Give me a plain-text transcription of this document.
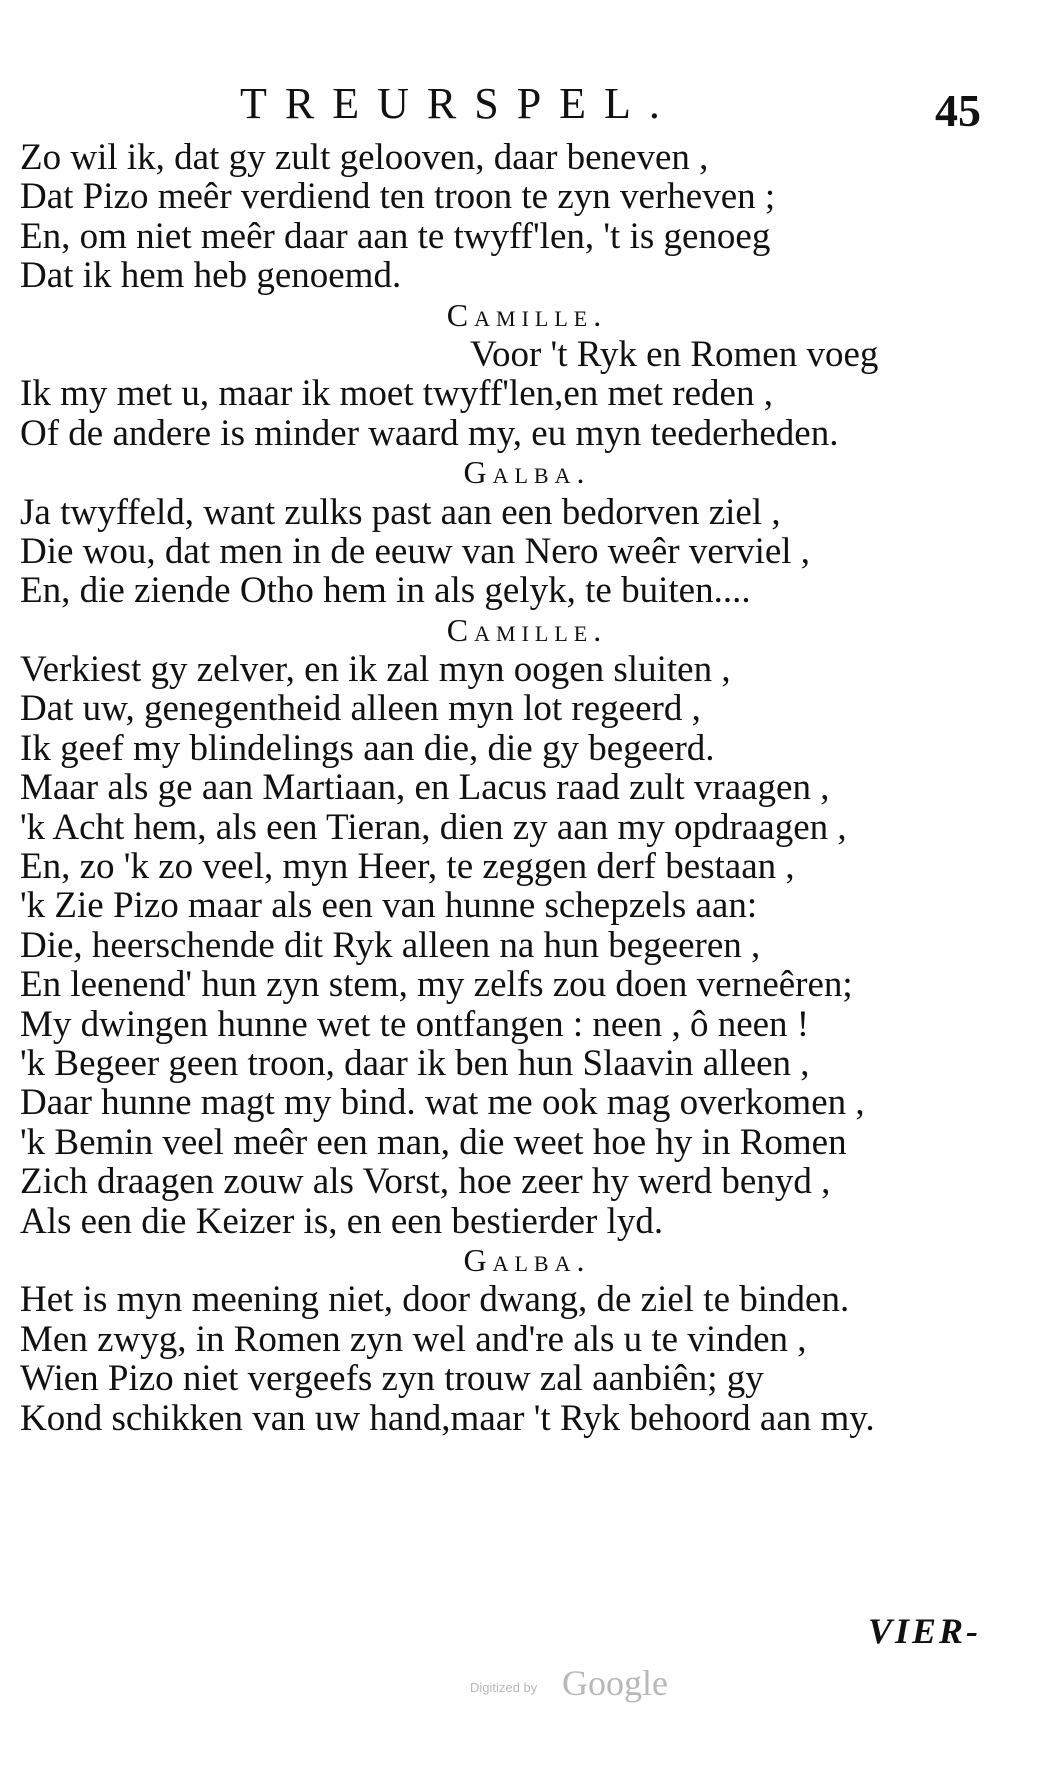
TREURSPEL.	45
Zo wil ik, dat gy zult gelooven, daar beneven ,
Dat Pizo meêr verdiend ten troon te zyn verheven ;
En, om niet meêr daar aan te twyff'len, 't is genoeg
Dat ik hem heb genoemd.
Camille.
Voor 't Ryk en Romen voeg
Ik my met u, maar ik moet twyff'len,en met reden ,
Of de andere is minder waard my, eu myn teederheden.
Galba.
Ja twyffeld, want zulks past aan een bedorven ziel ,
Die wou, dat men in de eeuw van Nero weêr verviel ,
En, die ziende Otho hem in als gelyk, te buiten....
Camille.
Verkiest gy zelver, en ik zal myn oogen sluiten ,
Dat uw, genegentheid alleen myn lot regeerd ,
Ik geef my blindelings aan die, die gy begeerd.
Maar als ge aan Martiaan, en Lacus raad zult vraagen ,
'k Acht hem, als een Tieran, dien zy aan my opdraagen ,
En, zo 'k zo veel, myn Heer, te zeggen derf bestaan ,
'k Zie Pizo maar als een van hunne schepzels aan:
Die, heerschende dit Ryk alleen na hun begeeren ,
En leenend' hun zyn stem, my zelfs zou doen verneêren;
My dwingen hunne wet te ontfangen : neen , ô neen !
'k Begeer geen troon, daar ik ben hun Slaavin alleen ,
Daar hunne magt my bind. wat me ook mag overkomen ,
'k Bemin veel meêr een man, die weet hoe hy in Romen
Zich draagen zouw als Vorst, hoe zeer hy werd benyd ,
Als een die Keizer is, en een bestierder lyd.
Galba.
Het is myn meening niet, door dwang, de ziel te binden.
Men zwyg, in Romen zyn wel and're als u te vinden ,
Wien Pizo niet vergeefs zyn trouw zal aanbiên; gy
Kond schikken van uw hand,maar 't Ryk behoord aan my.
VIER-
Digitized by Google
